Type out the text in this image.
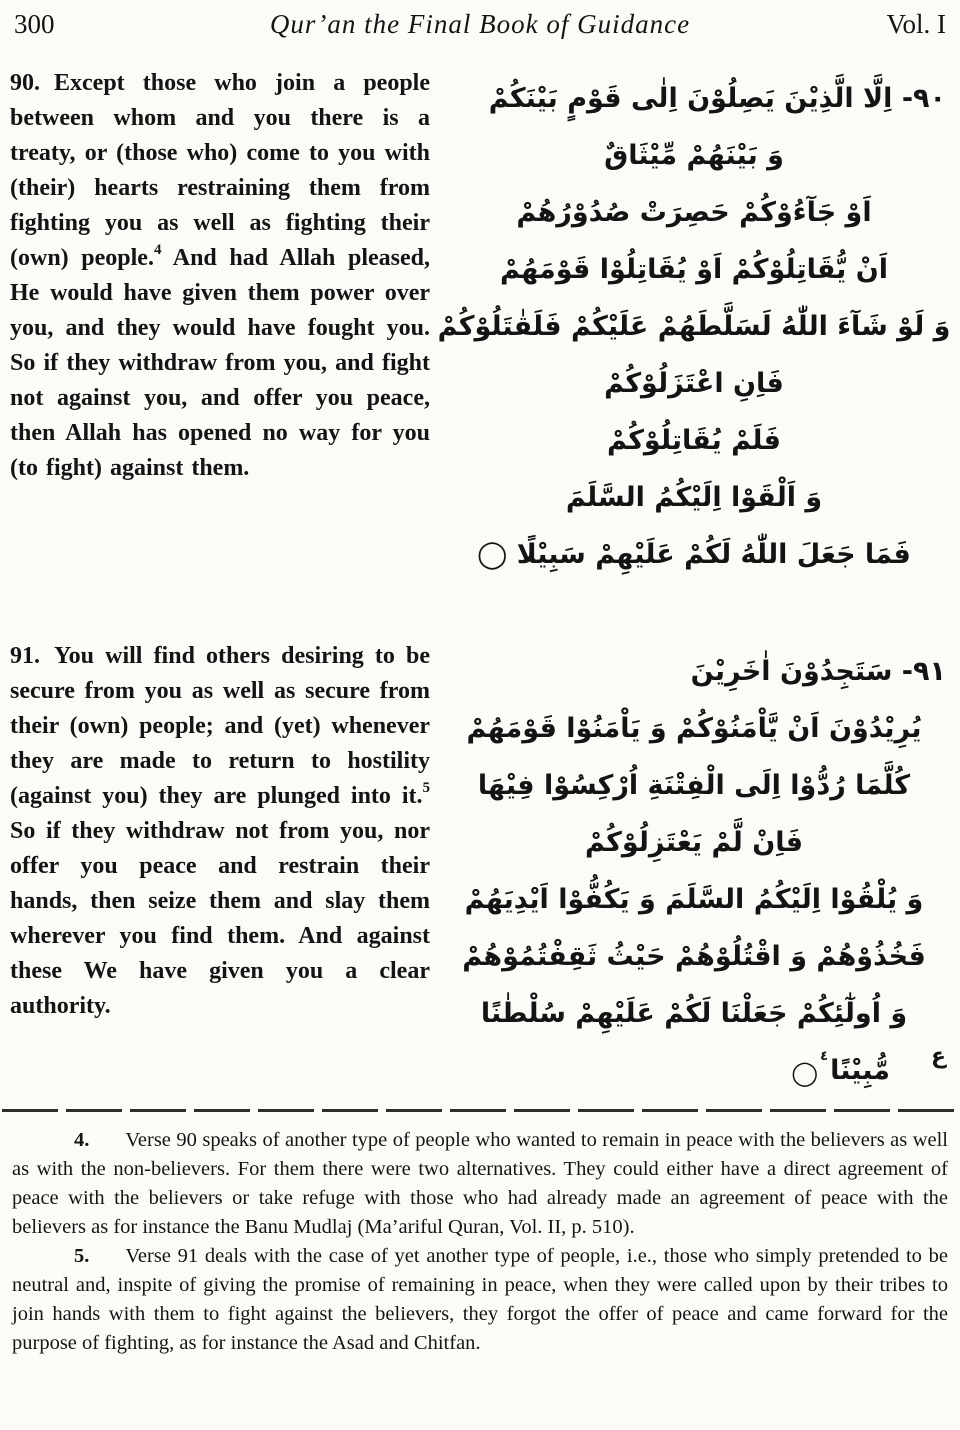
300	Qur’an the Final Book of Guidance	Vol. I
90. Except those who join a people between whom and you there is a treaty, or (those who) come to you with (their) hearts restraining them from fighting you as well as fighting their (own) people.$^4$ And had Allah pleased, He would have given them power over you, and they would have fought you. So if they withdraw from you, and fight not against you, and offer you peace, then Allah has opened no way for you (to fight) against them.
٩٠- اِلَّا الَّذِيْنَ يَصِلُوْنَ اِلٰى قَوْمٍ بَيْنَكُمْ
وَ بَيْنَهُمْ مِّيْثَاقٌ
اَوْ جَآءُوْكُمْ حَصِرَتْ صُدُوْرُهُمْ
اَنْ يُّقَاتِلُوْكُمْ اَوْ يُقَاتِلُوْا قَوْمَهُمْ
وَ لَوْ شَآءَ اللّٰهُ لَسَلَّطَهُمْ عَلَيْكُمْ فَلَقٰتَلُوْكُمْ
فَاِنِ اعْتَزَلُوْكُمْ
فَلَمْ يُقَاتِلُوْكُمْ
وَ اَلْقَوْا اِلَيْكُمُ السَّلَمَ
فَمَا جَعَلَ اللّٰهُ لَكُمْ عَلَيْهِمْ سَبِيْلًا ◯
91. You will find others desiring to be secure from you as well as secure from their (own) people; and (yet) whenever they are made to return to hostility (against you) they are plunged into it.$^5$ So if they withdraw not from you, nor offer you peace and restrain their hands, then seize them and slay them wherever you find them. And against these We have given you a clear authority.
٩١- سَتَجِدُوْنَ اٰخَرِيْنَ
يُرِيْدُوْنَ اَنْ يَّاْمَنُوْكُمْ وَ يَاْمَنُوْا قَوْمَهُمْ
كُلَّمَا رُدُّوْا اِلَى الْفِتْنَةِ اُرْكِسُوْا فِيْهَا
فَاِنْ لَّمْ يَعْتَزِلُوْكُمْ
وَ يُلْقُوْا اِلَيْكُمُ السَّلَمَ وَ يَكُفُّوْا اَيْدِيَهُمْ
فَخُذُوْهُمْ وَ اقْتُلُوْهُمْ حَيْثُ ثَقِفْتُمُوْهُمْ
وَ اُولٰٓئِكُمْ جَعَلْنَا لَكُمْ عَلَيْهِمْ سُلْطٰنًا
مُّبِيْنًا
$^٤$
◯
ع

4. Verse 90 speaks of another type of people who wanted to remain in peace with the believers as well as with the non-believers. For them there were two alternatives. They could either have a direct agreement of peace with the believers or take refuge with those who had already made an agreement of peace with the believers as for instance the Banu Mudlaj (Ma’ariful Quran, Vol. II, p. 510).

5. Verse 91 deals with the case of yet another type of people, i.e., those who simply pretended to be neutral and, inspite of giving the promise of remaining in peace, when they were called upon by their tribes to join hands with them to fight against the believers, they forgot the offer of peace and came forward for the purpose of fighting, as for instance the Asad and Chitfan.
